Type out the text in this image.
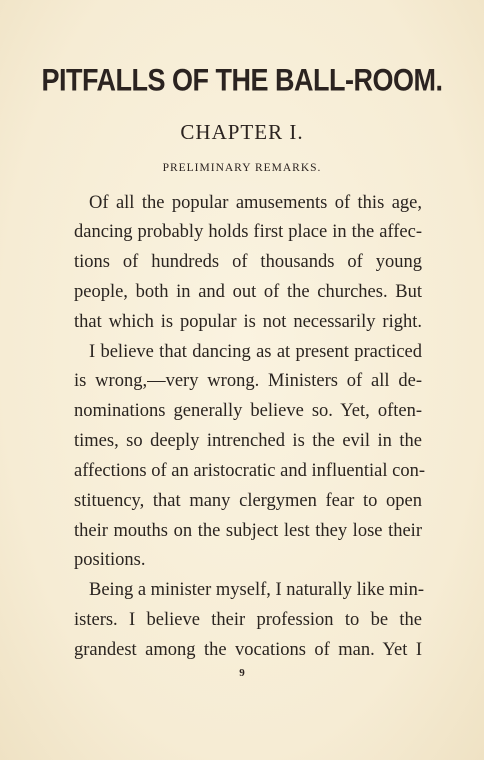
PITFALLS OF THE BALL-ROOM.
CHAPTER I.
PRELIMINARY REMARKS.
Of all the popular amusements of this age,
dancing probably holds first place in the affec-
tions of hundreds of thousands of young
people, both in and out of the churches. But
that which is popular is not necessarily right.
I believe that dancing as at present practiced
is wrong,—very wrong. Ministers of all de-
nominations generally believe so. Yet, often-
times, so deeply intrenched is the evil in the
affections of an aristocratic and influential con-
stituency, that many clergymen fear to open
their mouths on the subject lest they lose their
positions.
Being a minister myself, I naturally like min-
isters. I believe their profession to be the
grandest among the vocations of man. Yet I
9
